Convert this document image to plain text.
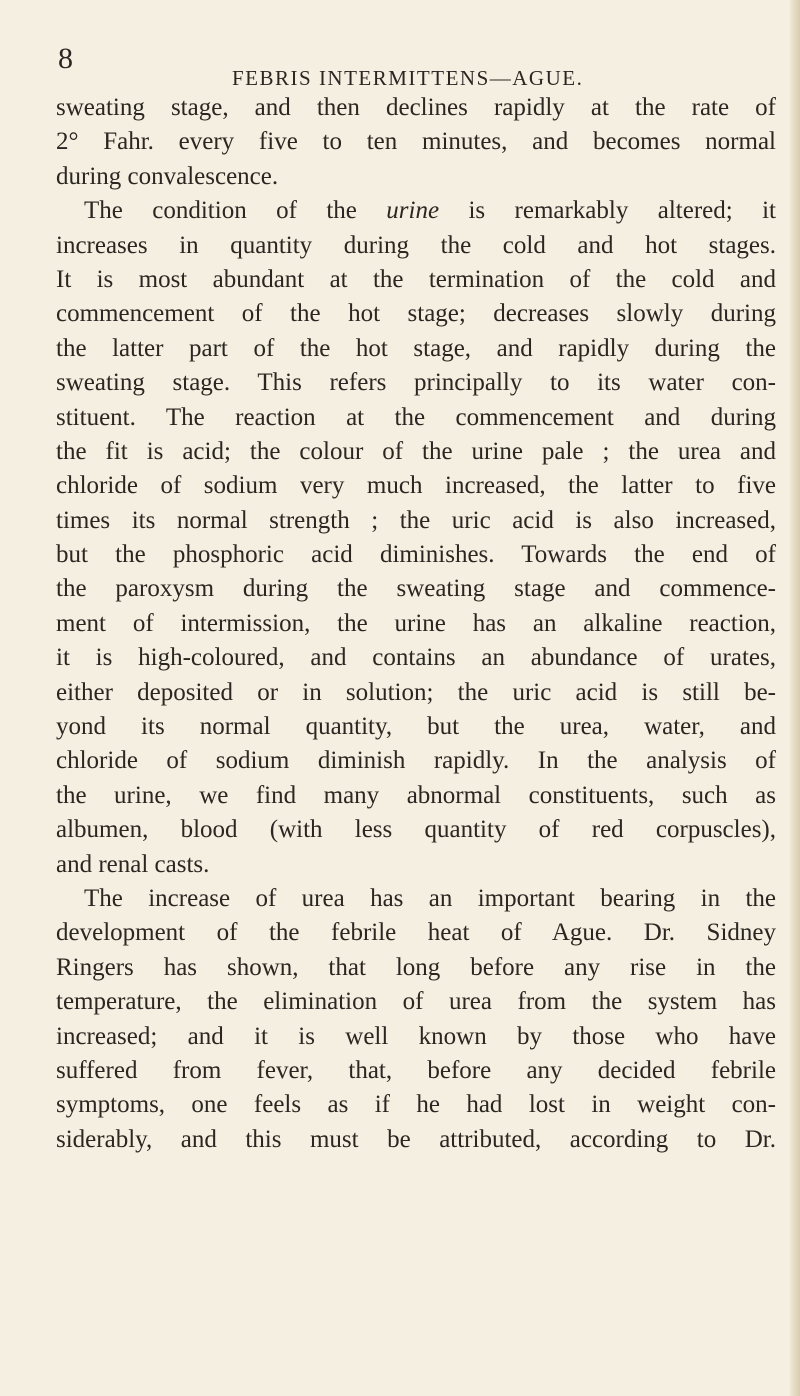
8
FEBRIS INTERMITTENS—AGUE.
sweating stage, and then declines rapidly at the rate of
2° Fahr. every five to ten minutes, and becomes normal
during convalescence.
The condition of the urine is remarkably altered; it
increases in quantity during the cold and hot stages.
It is most abundant at the termination of the cold and
commencement of the hot stage; decreases slowly during
the latter part of the hot stage, and rapidly during the
sweating stage. This refers principally to its water con-
stituent. The reaction at the commencement and during
the fit is acid; the colour of the urine pale ; the urea and
chloride of sodium very much increased, the latter to five
times its normal strength ; the uric acid is also increased,
but the phosphoric acid diminishes. Towards the end of
the paroxysm during the sweating stage and commence-
ment of intermission, the urine has an alkaline reaction,
it is high-coloured, and contains an abundance of urates,
either deposited or in solution; the uric acid is still be-
yond its normal quantity, but the urea, water, and
chloride of sodium diminish rapidly. In the analysis of
the urine, we find many abnormal constituents, such as
albumen, blood (with less quantity of red corpuscles),
and renal casts.
The increase of urea has an important bearing in the
development of the febrile heat of Ague. Dr. Sidney
Ringers has shown, that long before any rise in the
temperature, the elimination of urea from the system has
increased; and it is well known by those who have
suffered from fever, that, before any decided febrile
symptoms, one feels as if he had lost in weight con-
siderably, and this must be attributed, according to Dr.
